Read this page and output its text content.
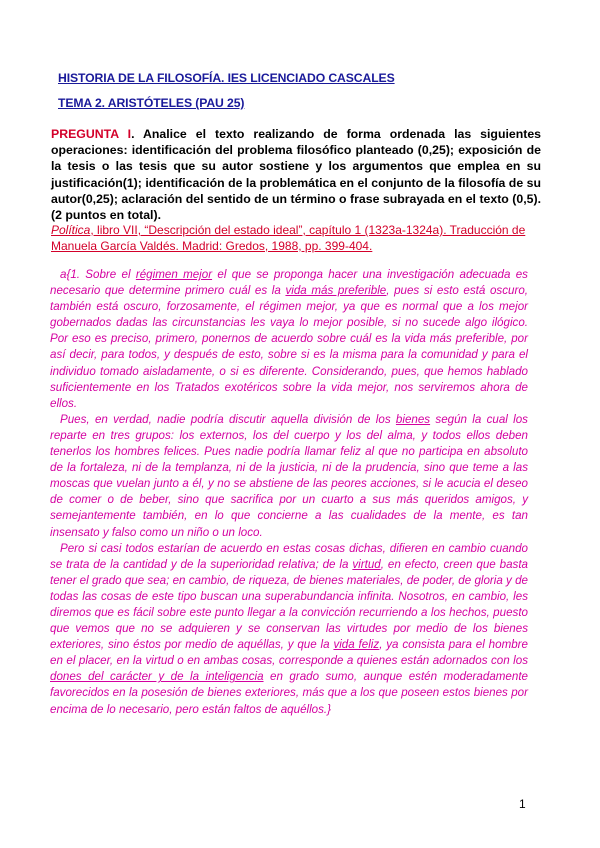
HISTORIA DE LA FILOSOFÍA. IES LICENCIADO CASCALES
TEMA 2. ARISTÓTELES (PAU 25)
PREGUNTA I. Analice el texto realizando de forma ordenada las siguientes operaciones: identificación del problema filosófico planteado (0,25); exposición de la tesis o las tesis que su autor sostiene y los argumentos que emplea en su justificación(1); identificación de la problemática en el conjunto de la filosofía de su autor(0,25); aclaración del sentido de un término o frase subrayada en el texto (0,5). (2 puntos en total).
Política, libro VII, “Descripción del estado ideal”, capítulo 1 (1323a-1324a). Traducción de Manuela García Valdés. Madrid: Gredos, 1988, pp. 399-404.

a{1. Sobre el régimen mejor el que se proponga hacer una investigación adecuada es necesario que determine primero cuál es la vida más preferible, pues si esto está oscuro, también está oscuro, forzosamente, el régimen mejor, ya que es normal que a los mejor gobernados dadas las circunstancias les vaya lo mejor posible, si no sucede algo ilógico. Por eso es preciso, primero, ponernos de acuerdo sobre cuál es la vida más preferible, por así decir, para todos, y después de esto, sobre si es la misma para la comunidad y para el individuo tomado aisladamente, o si es diferente. Considerando, pues, que hemos hablado suficientemente en los Tratados exotéricos sobre la vida mejor, nos serviremos ahora de ellos.

Pues, en verdad, nadie podría discutir aquella división de los bienes según la cual los reparte en tres grupos: los externos, los del cuerpo y los del alma, y todos ellos deben tenerlos los hombres felices. Pues nadie podría llamar feliz al que no participa en absoluto de la fortaleza, ni de la templanza, ni de la justicia, ni de la prudencia, sino que teme a las moscas que vuelan junto a él, y no se abstiene de las peores acciones, si le acucia el deseo de comer o de beber, sino que sacrifica por un cuarto a sus más queridos amigos, y semejantemente también, en lo que concierne a las cualidades de la mente, es tan insensato y falso como un niño o un loco.

Pero si casi todos estarían de acuerdo en estas cosas dichas, difieren en cambio cuando se trata de la cantidad y de la superioridad relativa; de la virtud, en efecto, creen que basta tener el grado que sea; en cambio, de riqueza, de bienes materiales, de poder, de gloria y de todas las cosas de este tipo buscan una superabundancia infinita. Nosotros, en cambio, les diremos que es fácil sobre este punto llegar a la convicción recurriendo a los hechos, puesto que vemos que no se adquieren y se conservan las virtudes por medio de los bienes exteriores, sino éstos por medio de aquéllas, y que la vida feliz, ya consista para el hombre en el placer, en la virtud o en ambas cosas, corresponde a quienes están adornados con los dones del carácter y de la inteligencia en grado sumo, aunque estén moderadamente favorecidos en la posesión de bienes exteriores, más que a los que poseen estos bienes por encima de lo necesario, pero están faltos de aquéllos.}

1
